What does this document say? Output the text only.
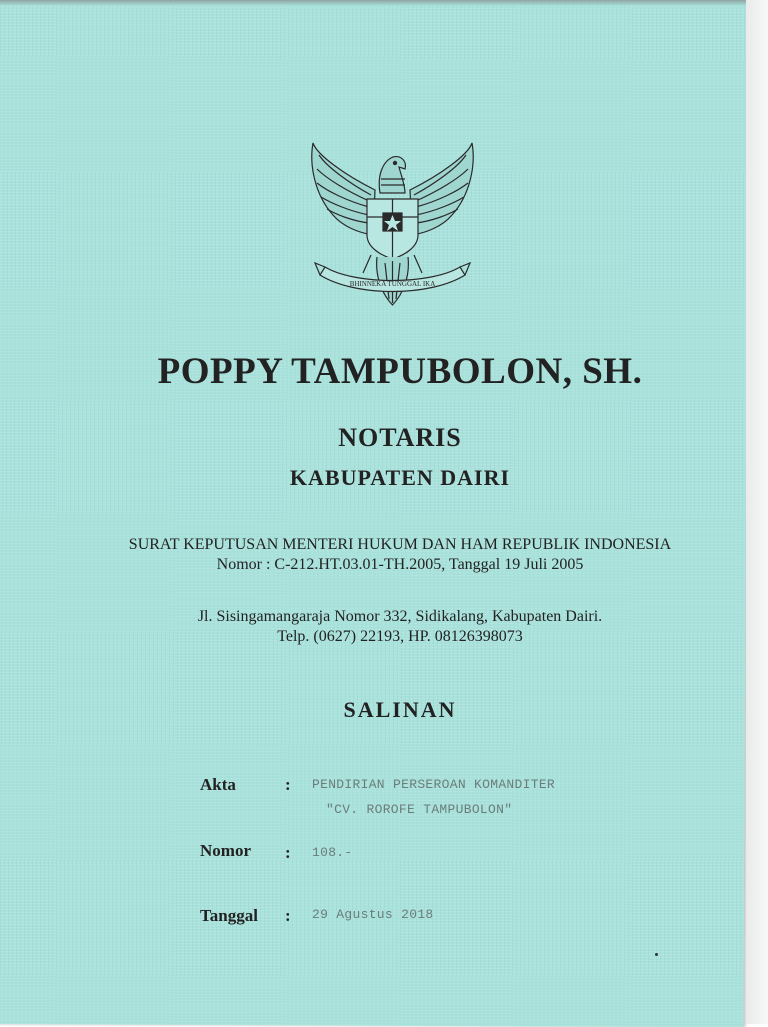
BHINNEKA TUNGGAL IKA
POPPY TAMPUBOLON, SH.
NOTARIS
KABUPATEN DAIRI
SURAT KEPUTUSAN MENTERI HUKUM DAN HAM REPUBLIK INDONESIA
Nomor : C-212.HT.03.01-TH.2005, Tanggal 19 Juli 2005
Jl. Sisingamangaraja Nomor 332, Sidikalang, Kabupaten Dairi.
Telp. (0627) 22193, HP. 08126398073
SALINAN
Akta	: PENDIRIAN PERSEROAN KOMANDITER
"CV. ROROFE TAMPUBOLON"
Nomor : 108.-
Tanggal : 29 Agustus 2018
